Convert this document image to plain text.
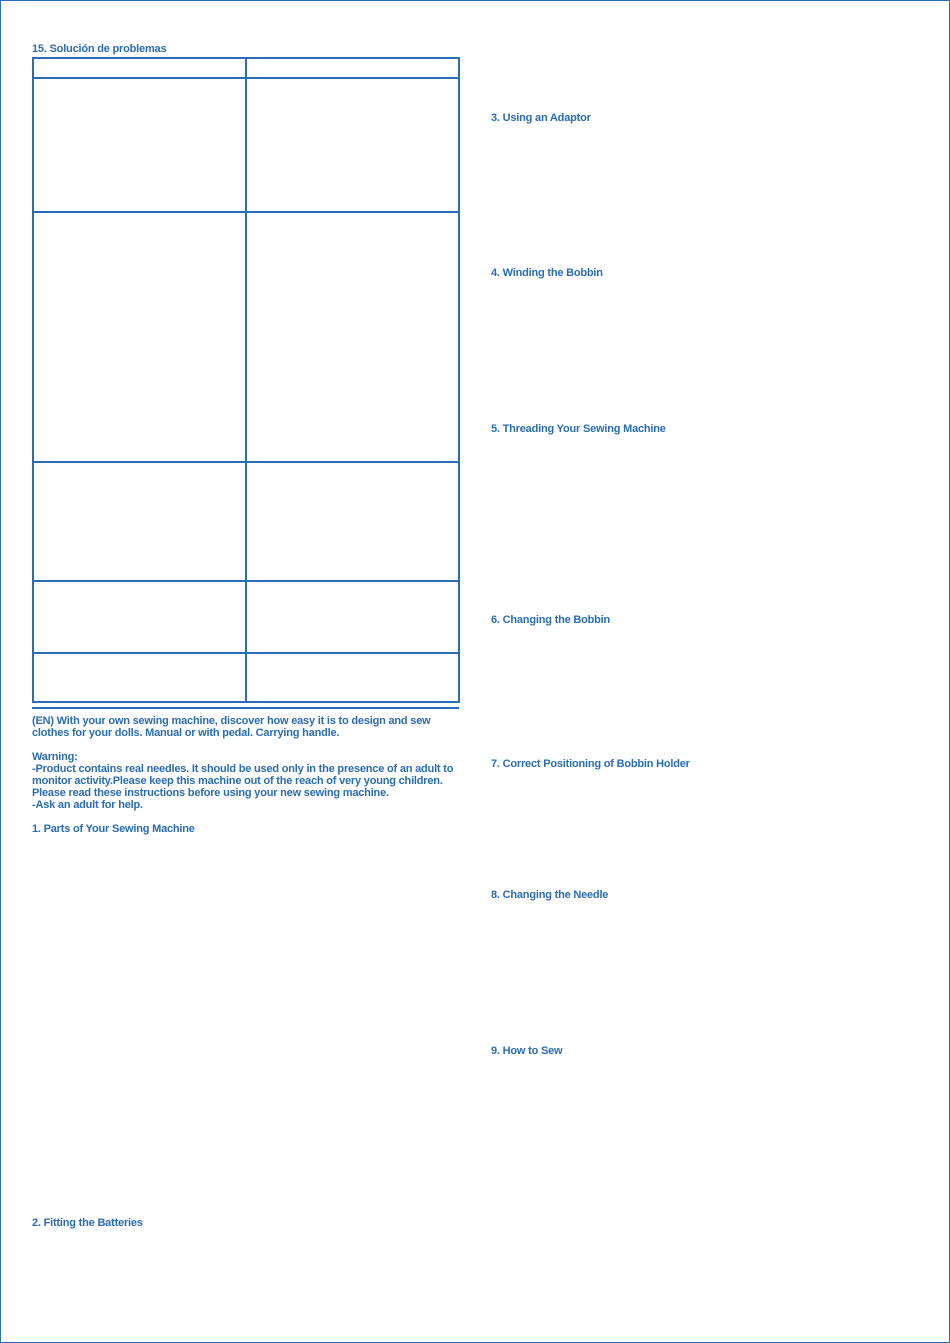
15. Solución de problemas
(EN) With your own sewing machine, discover how easy it is to design and sew
clothes for your dolls. Manual or with pedal. Carrying handle.
Warning:
-Product contains real needles. It should be used only in the presence of an adult to
monitor activity.Please keep this machine out of the reach of very young children.
Please read these instructions before using your new sewing machine.
-Ask an adult for help.
1. Parts of Your Sewing Machine
2. Fitting the Batteries
3. Using an Adaptor
4. Winding the Bobbin
5. Threading Your Sewing Machine
6. Changing the Bobbin
7. Correct Positioning of Bobbin Holder
8. Changing the Needle
9. How to Sew
